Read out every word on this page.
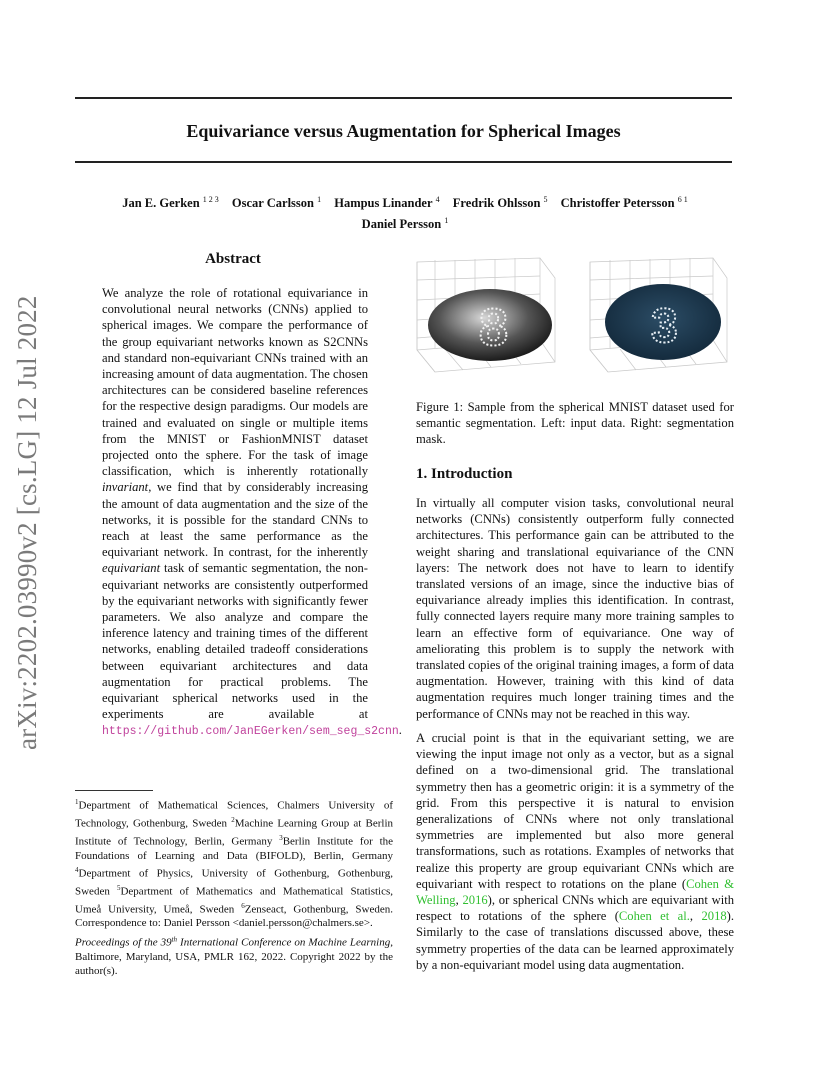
arXiv:2202.03990v2 [cs.LG] 12 Jul 2022
Equivariance versus Augmentation for Spherical Images
Jan E. Gerken $^{1 2 3}$ Oscar Carlsson $^1$ Hampus Linander $^4$ Fredrik Ohlsson $^5$ Christoffer Petersson $^{6 1}$
Daniel Persson $^1$
Abstract
We analyze the role of rotational equivariance in convolutional neural networks (CNNs) applied to spherical images. We compare the performance of the group equivariant networks known as S2CNNs and standard non-equivariant CNNs trained with an increasing amount of data augmentation. The chosen architectures can be considered baseline references for the respective design paradigms. Our models are trained and evaluated on single or multiple items from the MNIST or FashionMNIST dataset projected onto the sphere. For the task of image classification, which is inherently rotationally invariant, we find that by considerably increasing the amount of data augmentation and the size of the networks, it is possible for the standard CNNs to reach at least the same performance as the equivariant network. In contrast, for the inherently equivariant task of semantic segmentation, the non-equivariant networks are consistently outperformed by the equivariant networks with significantly fewer parameters. We also analyze and compare the inference latency and training times of the different networks, enabling detailed tradeoff considerations between equivariant architectures and data augmentation for practical problems. The equivariant spherical networks used in the experiments are available at https://github.com/JanEGerken/sem_seg_s2cnn.
$^1$Department of Mathematical Sciences, Chalmers University of Technology, Gothenburg, Sweden $^2$Machine Learning Group at Berlin Institute of Technology, Berlin, Germany $^3$Berlin Institute for the Foundations of Learning and Data (BIFOLD), Berlin, Germany $^4$Department of Physics, University of Gothenburg, Gothenburg, Sweden $^5$Department of Mathematics and Mathematical Statistics, Umeå University, Umeå, Sweden $^6$Zenseact, Gothenburg, Sweden. Correspondence to: Daniel Persson <daniel.persson@chalmers.se>.
Proceedings of the 39th International Conference on Machine Learning, Baltimore, Maryland, USA, PMLR 162, 2022. Copyright 2022 by the author(s).
8	3
Figure 1: Sample from the spherical MNIST dataset used for semantic segmentation. Left: input data. Right: segmentation mask.
1. Introduction
In virtually all computer vision tasks, convolutional neural networks (CNNs) consistently outperform fully connected architectures. This performance gain can be attributed to the weight sharing and translational equivariance of the CNN layers: The network does not have to learn to identify translated versions of an image, since the inductive bias of equivariance already implies this identification. In contrast, fully connected layers require many more training samples to learn an effective form of equivariance. One way of ameliorating this problem is to supply the network with translated copies of the original training images, a form of data augmentation. However, training with this kind of data augmentation requires much longer training times and the performance of CNNs may not be reached in this way.
A crucial point is that in the equivariant setting, we are viewing the input image not only as a vector, but as a signal defined on a two-dimensional grid. The translational symmetry then has a geometric origin: it is a symmetry of the grid. From this perspective it is natural to envision generalizations of CNNs where not only translational symmetries are implemented but also more general transformations, such as rotations. Examples of networks that realize this property are group equivariant CNNs which are equivariant with respect to rotations on the plane (Cohen & Welling, 2016), or spherical CNNs which are equivariant with respect to rotations of the sphere (Cohen et al., 2018). Similarly to the case of translations discussed above, these symmetry properties of the data can be learned approximately by a non-equivariant model using data augmentation.
